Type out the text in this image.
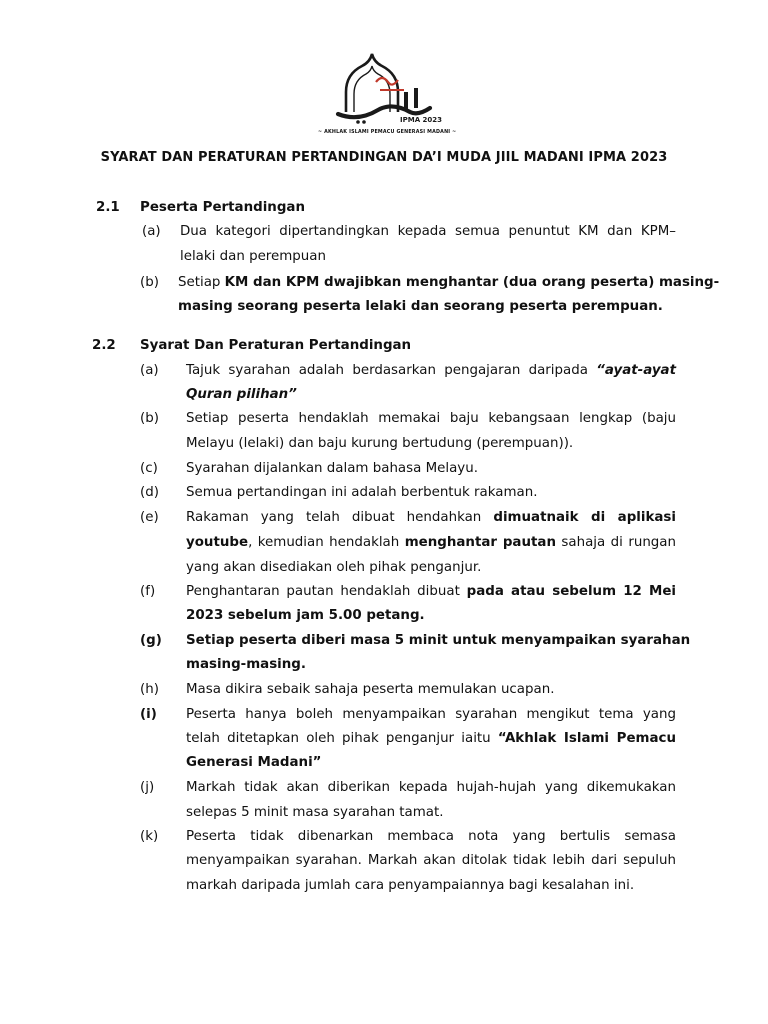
الجيل المدني
IPMA 2023
~ AKHLAK ISLAMI PEMACU GENERASI MADANI ~
SYARAT DAN PERATURAN PERTANDINGAN DA’I MUDA JIIL MADANI IPMA 2023
2.1 Peserta Pertandingan
(a) Dua kategori dipertandingkan kepada semua penuntut KM dan KPM–
lelaki dan perempuan
(b) Setiap KM dan KPM dwajibkan menghantar (dua orang peserta) masing-
masing seorang peserta lelaki dan seorang peserta perempuan.
2.2 Syarat Dan Peraturan Pertandingan
(a) Tajuk syarahan adalah berdasarkan pengajaran daripada “ayat-ayat
Quran pilihan”
(b) Setiap peserta hendaklah memakai baju kebangsaan lengkap (baju
Melayu (lelaki) dan baju kurung bertudung (perempuan)).
(c) Syarahan dijalankan dalam bahasa Melayu.
(d) Semua pertandingan ini adalah berbentuk rakaman.
(e) Rakaman yang telah dibuat hendahkan dimuatnaik di aplikasi
youtube, kemudian hendaklah menghantar pautan sahaja di rungan
yang akan disediakan oleh pihak penganjur.
(f) Penghantaran pautan hendaklah dibuat pada atau sebelum 12 Mei
2023 sebelum jam 5.00 petang.
(g) Setiap peserta diberi masa 5 minit untuk menyampaikan syarahan
masing-masing.
(h) Masa dikira sebaik sahaja peserta memulakan ucapan.
(i) Peserta hanya boleh menyampaikan syarahan mengikut tema yang
telah ditetapkan oleh pihak penganjur iaitu “Akhlak Islami Pemacu
Generasi Madani”
(j) Markah tidak akan diberikan kepada hujah-hujah yang dikemukakan
selepas 5 minit masa syarahan tamat.
(k) Peserta tidak dibenarkan membaca nota yang bertulis semasa
menyampaikan syarahan. Markah akan ditolak tidak lebih dari sepuluh
markah daripada jumlah cara penyampaiannya bagi kesalahan ini.
